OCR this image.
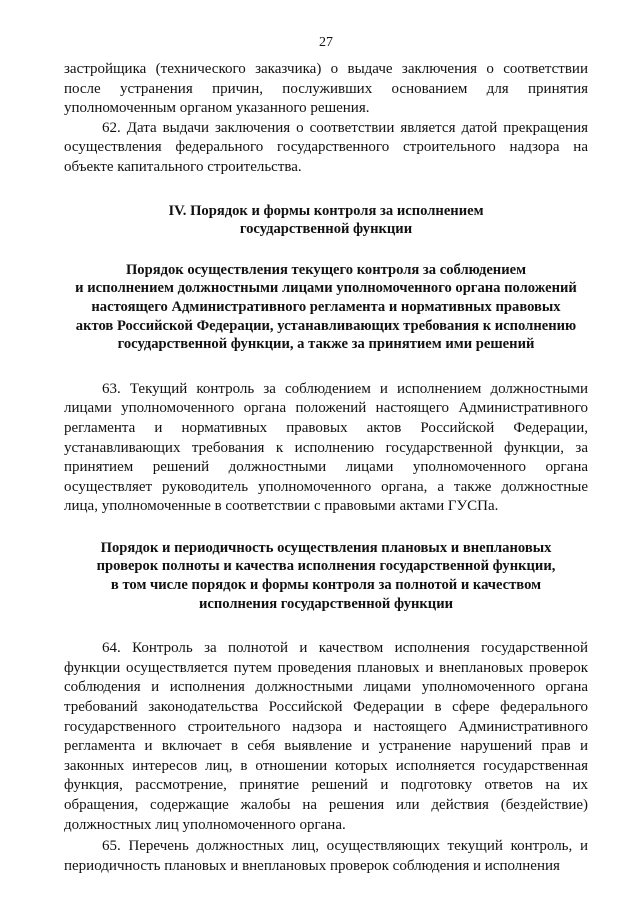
27

застройщика (технического заказчика) о выдаче заключения о соответствии после устранения причин, послуживших основанием для принятия уполномоченным органом указанного решения.

62. Дата выдачи заключения о соответствии является датой прекращения осуществления федерального государственного строительного надзора на объекте капитального строительства.

IV. Порядок и формы контроля за исполнением
государственной функции
Порядок осуществления текущего контроля за соблюдением
и исполнением должностными лицами уполномоченного органа положений
настоящего Административного регламента и нормативных правовых
актов Российской Федерации, устанавливающих требования к исполнению
государственной функции, а также за принятием ими решений

63. Текущий контроль за соблюдением и исполнением должностными лицами уполномоченного органа положений настоящего Административного регламента и нормативных правовых актов Российской Федерации, устанавливающих требования к исполнению государственной функции, за принятием решений должностными лицами уполномоченного органа осуществляет руководитель уполномоченного органа, а также должностные лица, уполномоченные в соответствии с правовыми актами ГУСПа.

Порядок и периодичность осуществления плановых и внеплановых
проверок полноты и качества исполнения государственной функции,
в том числе порядок и формы контроля за полнотой и качеством
исполнения государственной функции

64. Контроль за полнотой и качеством исполнения государственной функции осуществляется путем проведения плановых и внеплановых проверок соблюдения и исполнения должностными лицами уполномоченного органа требований законодательства Российской Федерации в сфере федерального государственного строительного надзора и настоящего Административного регламента и включает в себя выявление и устранение нарушений прав и законных интересов лиц, в отношении которых исполняется государственная функция, рассмотрение, принятие решений и подготовку ответов на их обращения, содержащие жалобы на решения или действия (бездействие) должностных лиц уполномоченного органа.

65. Перечень должностных лиц, осуществляющих текущий контроль, и периодичность плановых и внеплановых проверок соблюдения и исполнения
